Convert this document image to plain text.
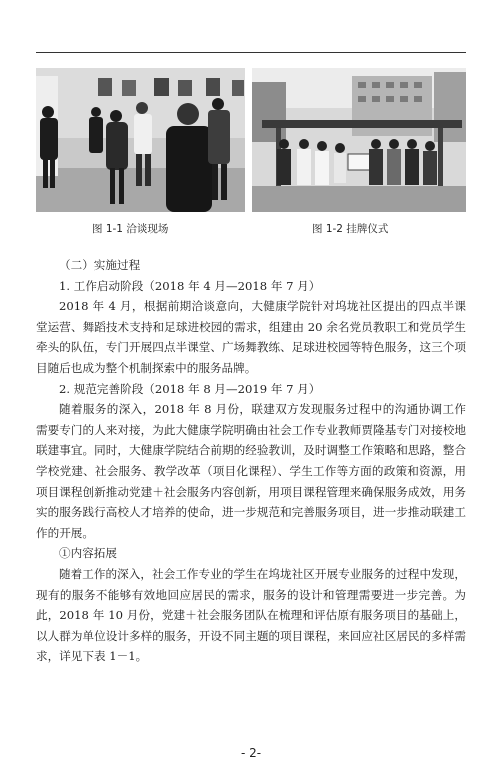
图 1-1 洽谈现场	图 1-2 挂牌仪式

（二）实施过程

1. 工作启动阶段（2018 年 4 月—2018 年 7 月）

2018 年 4 月，根据前期洽谈意向，大健康学院针对坞垅社区提出的四点半课堂运营、舞蹈技术支持和足球进校园的需求，组建由 20 余名党员教职工和党员学生牵头的队伍，专门开展四点半课堂、广场舞教练、足球进校园等特色服务，这三个项目随后也成为整个机制探索中的服务品牌。

2. 规范完善阶段（2018 年 8 月—2019 年 7 月）

随着服务的深入，2018 年 8 月份，联建双方发现服务过程中的沟通协调工作需要专门的人来对接，为此大健康学院明确由社会工作专业教师贾隆基专门对接校地联建事宜。同时，大健康学院结合前期的经验教训，及时调整工作策略和思路，整合学校党建、社会服务、教学改革（项目化课程）、学生工作等方面的政策和资源，用项目课程创新推动党建＋社会服务内容创新，用项目课程管理来确保服务成效，用务实的服务践行高校人才培养的使命，进一步规范和完善服务项目，进一步推动联建工作的开展。

①内容拓展

随着工作的深入，社会工作专业的学生在坞垅社区开展专业服务的过程中发现，现有的服务不能够有效地回应居民的需求，服务的设计和管理需要进一步完善。为此，2018 年 10 月份，党建＋社会服务团队在梳理和评估原有服务项目的基础上，以人群为单位设计多样的服务，开设不同主题的项目课程，来回应社区居民的多样需求，详见下表 1－1。

- 2-
